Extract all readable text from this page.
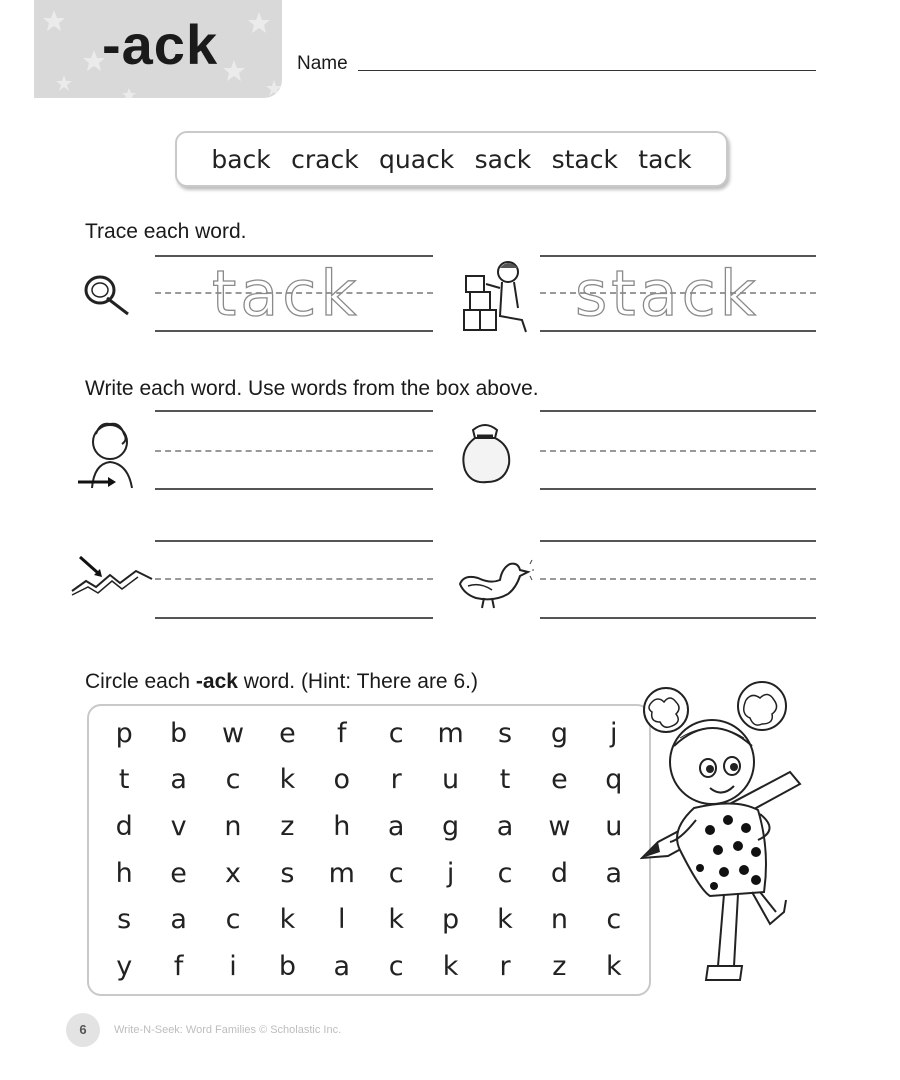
-ack	Name
back crack quack sack stack tack
Trace each word.
tack	stack
Write each word. Use words from the box above.
Circle each -ack word. (Hint: There are 6.)
p	b	w	e	f	c	m	s	g	j
t	a	c	k	o	r	u	t	e	q
d	v	n	z	h	a	g	a	w	u
h	e	x	s	m	c	j	c	d	a
s	a	c	k	l	k	p	k	n	c
y	f	i	b	a	c	k	r	z	k
6	Write-N-Seek: Word Families © Scholastic Inc.
